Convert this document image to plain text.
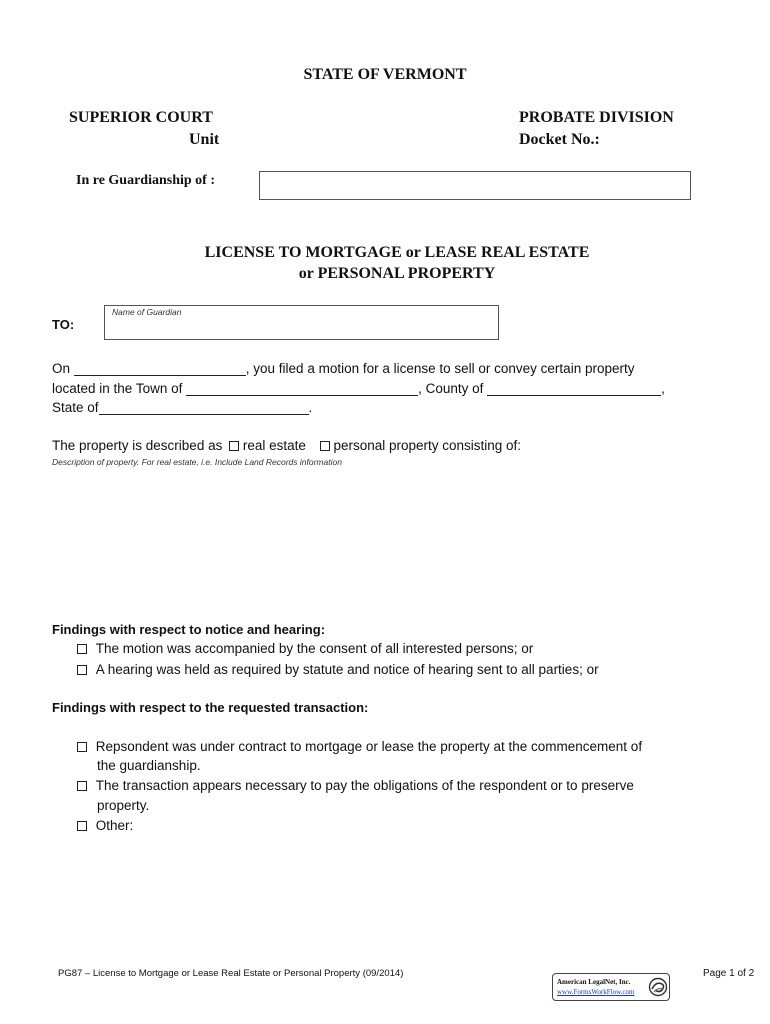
STATE OF VERMONT
SUPERIOR COURT
Unit
PROBATE DIVISION
Docket No.:
In re Guardianship of :
LICENSE TO MORTGAGE or LEASE REAL ESTATE
or PERSONAL PROPERTY
TO:
Name of Guardian
On	, you filed a motion for a license to sell or convey certain property
located in the Town of	, County of	,
State of	.
The property is described as real estate personal property consisting of:
Description of property. For real estate, i.e. Include Land Records information
Findings with respect to notice and hearing:
The motion was accompanied by the consent of all interested persons; or
A hearing was held as required by statute and notice of hearing sent to all parties; or
Findings with respect to the requested transaction:
Repsondent was under contract to mortgage or lease the property at the commencement of
the guardianship.
The transaction appears necessary to pay the obligations of the respondent or to preserve
property.
Other:
PG87 – License to Mortgage or Lease Real Estate or Personal Property (09/2014)
American LegalNet, Inc.
www.FormsWorkFlow.com
Page 1 of 2
